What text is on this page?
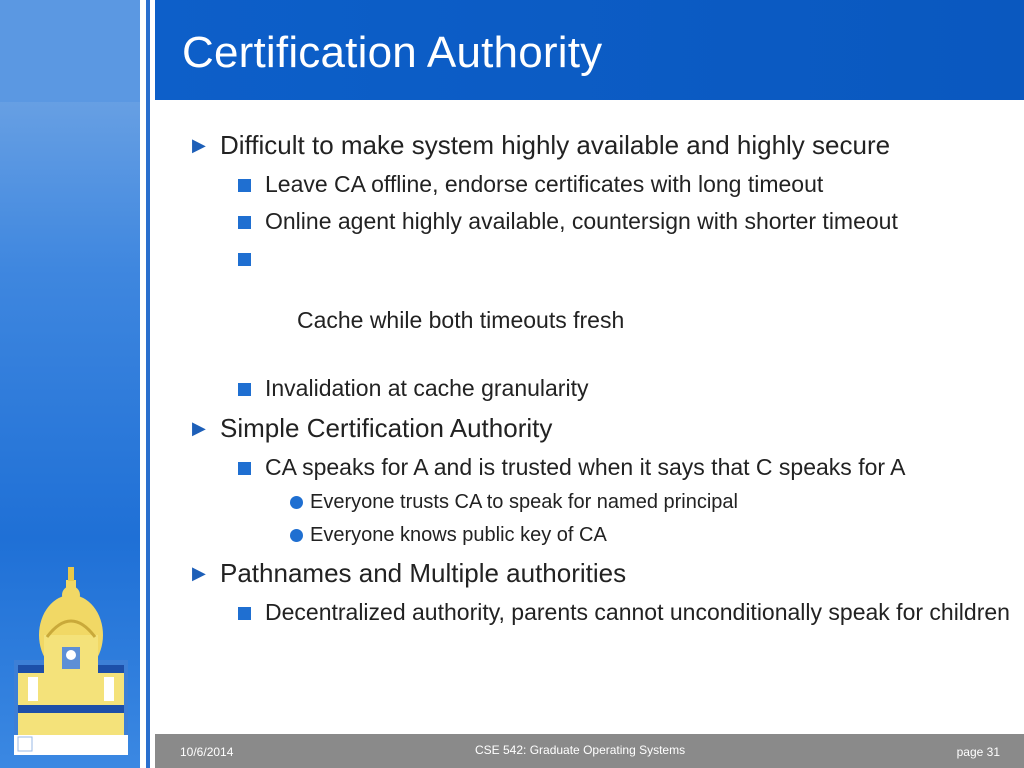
Certification Authority
▶ Difficult to make system highly available and highly secure
Leave CA offline, endorse certificates with long timeout
Online agent highly available, countersign with shorter timeout

Cache while both timeouts fresh

Invalidation at cache granularity
▶ Simple Certification Authority
CA speaks for A and is trusted when it says that C speaks for A
Everyone trusts CA to speak for named principal
Everyone knows public key of CA
▶ Pathnames and Multiple authorities
Decentralized authority, parents cannot unconditionally speak for children
10/6/2014	CSE 542: Graduate Operating Systems	page 31
